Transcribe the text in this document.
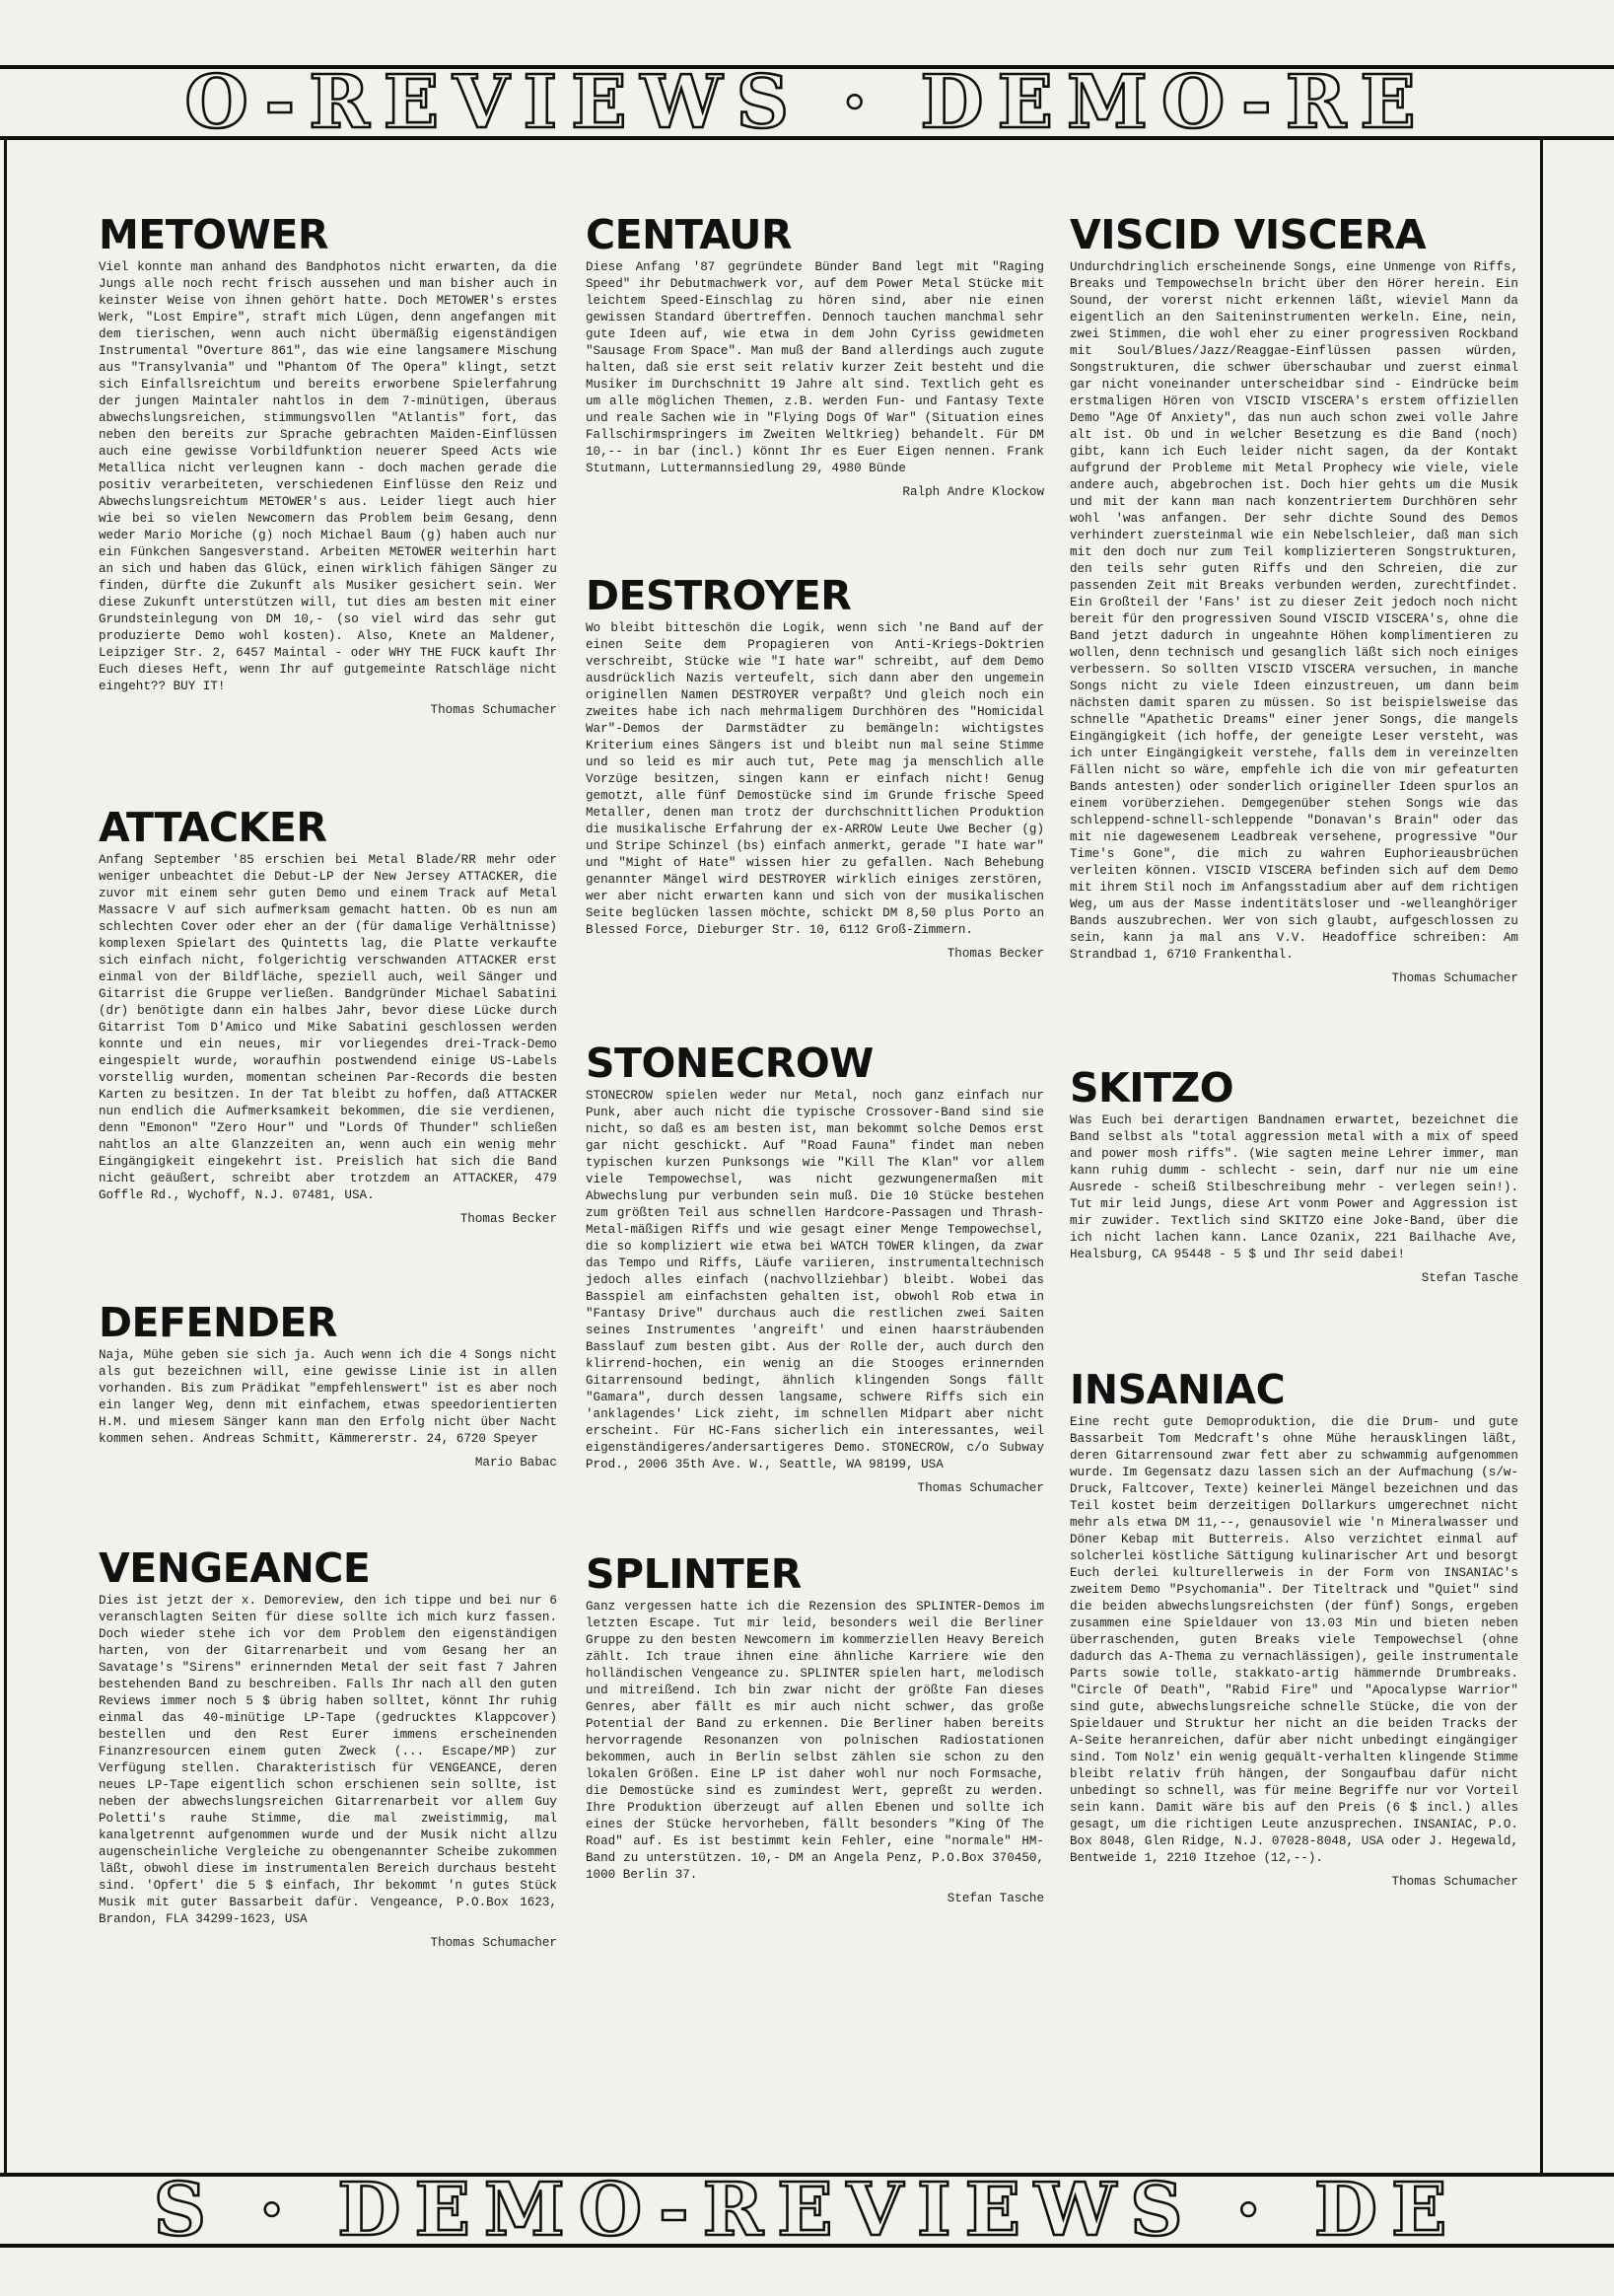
O-REVIEWS · DEMO-RE
METOWER

Viel konnte man anhand des Bandphotos nicht erwarten, da die Jungs alle noch recht frisch aussehen und man bisher auch in keinster Weise von ihnen gehört hatte. Doch METOWER's erstes Werk, "Lost Empire", straft mich Lügen, denn angefangen mit dem tierischen, wenn auch nicht übermäßig eigenständigen Instrumental "Overture 861", das wie eine langsamere Mischung aus "Transylvania" und "Phantom Of The Opera" klingt, setzt sich Einfallsreichtum und bereits erworbene Spielerfahrung der jungen Maintaler nahtlos in dem 7-minütigen, überaus abwechslungsreichen, stimmungsvollen "Atlantis" fort, das neben den bereits zur Sprache gebrachten Maiden-Einflüssen auch eine gewisse Vorbildfunktion neuerer Speed Acts wie Metallica nicht verleugnen kann - doch machen gerade die positiv verarbeiteten, verschiedenen Einflüsse den Reiz und Abwechslungsreichtum METOWER's aus. Leider liegt auch hier wie bei so vielen Newcomern das Problem beim Gesang, denn weder Mario Moriche (g) noch Michael Baum (g) haben auch nur ein Fünkchen Sangesverstand. Arbeiten METOWER weiterhin hart an sich und haben das Glück, einen wirklich fähigen Sänger zu finden, dürfte die Zukunft als Musiker gesichert sein. Wer diese Zukunft unterstützen will, tut dies am besten mit einer Grundsteinlegung von DM 10,- (so viel wird das sehr gut produzierte Demo wohl kosten). Also, Knete an Maldener, Leipziger Str. 2, 6457 Maintal - oder WHY THE FUCK kauft Ihr Euch dieses Heft, wenn Ihr auf gutgemeinte Ratschläge nicht eingeht?? BUY IT!

Thomas Schumacher
ATTACKER

Anfang September '85 erschien bei Metal Blade/RR mehr oder weniger unbeachtet die Debut-LP der New Jersey ATTACKER, die zuvor mit einem sehr guten Demo und einem Track auf Metal Massacre V auf sich aufmerksam gemacht hatten. Ob es nun am schlechten Cover oder eher an der (für damalige Verhältnisse) komplexen Spielart des Quintetts lag, die Platte verkaufte sich einfach nicht, folgerichtig verschwanden ATTACKER erst einmal von der Bildfläche, speziell auch, weil Sänger und Gitarrist die Gruppe verließen. Bandgründer Michael Sabatini (dr) benötigte dann ein halbes Jahr, bevor diese Lücke durch Gitarrist Tom D'Amico und Mike Sabatini geschlossen werden konnte und ein neues, mir vorliegendes drei-Track-Demo eingespielt wurde, woraufhin postwendend einige US-Labels vorstellig wurden, momentan scheinen Par-Records die besten Karten zu besitzen. In der Tat bleibt zu hoffen, daß ATTACKER nun endlich die Aufmerksamkeit bekommen, die sie verdienen, denn "Emonon" "Zero Hour" und "Lords Of Thunder" schließen nahtlos an alte Glanzzeiten an, wenn auch ein wenig mehr Eingängigkeit eingekehrt ist. Preislich hat sich die Band nicht geäußert, schreibt aber trotzdem an ATTACKER, 479 Goffle Rd., Wychoff, N.J. 07481, USA.

Thomas Becker
DEFENDER

Naja, Mühe geben sie sich ja. Auch wenn ich die 4 Songs nicht als gut bezeichnen will, eine gewisse Linie ist in allen vorhanden. Bis zum Prädikat "empfehlenswert" ist es aber noch ein langer Weg, denn mit einfachem, etwas speedorientierten H.M. und miesem Sänger kann man den Erfolg nicht über Nacht kommen sehen. Andreas Schmitt, Kämmererstr. 24, 6720 Speyer

Mario Babac
VENGEANCE

Dies ist jetzt der x. Demoreview, den ich tippe und bei nur 6 veranschlagten Seiten für diese sollte ich mich kurz fassen. Doch wieder stehe ich vor dem Problem den eigenständigen harten, von der Gitarrenarbeit und vom Gesang her an Savatage's "Sirens" erinnernden Metal der seit fast 7 Jahren bestehenden Band zu beschreiben. Falls Ihr nach all den guten Reviews immer noch 5 $ übrig haben solltet, könnt Ihr ruhig einmal das 40-minütige LP-Tape (gedrucktes Klappcover) bestellen und den Rest Eurer immens erscheinenden Finanzresourcen einem guten Zweck (... Escape/MP) zur Verfügung stellen. Charakteristisch für VENGEANCE, deren neues LP-Tape eigentlich schon erschienen sein sollte, ist neben der abwechslungsreichen Gitarrenarbeit vor allem Guy Poletti's rauhe Stimme, die mal zweistimmig, mal kanalgetrennt aufgenommen wurde und der Musik nicht allzu augenscheinliche Vergleiche zu obengenannter Scheibe zukommen läßt, obwohl diese im instrumentalen Bereich durchaus besteht sind. 'Opfert' die 5 $ einfach, Ihr bekommt 'n gutes Stück Musik mit guter Bassarbeit dafür. Vengeance, P.O.Box 1623, Brandon, FLA 34299-1623, USA

Thomas Schumacher
CENTAUR

Diese Anfang '87 gegründete Bünder Band legt mit "Raging Speed" ihr Debutmachwerk vor, auf dem Power Metal Stücke mit leichtem Speed-Einschlag zu hören sind, aber nie einen gewissen Standard übertreffen. Dennoch tauchen manchmal sehr gute Ideen auf, wie etwa in dem John Cyriss gewidmeten "Sausage From Space". Man muß der Band allerdings auch zugute halten, daß sie erst seit relativ kurzer Zeit besteht und die Musiker im Durchschnitt 19 Jahre alt sind. Textlich geht es um alle möglichen Themen, z.B. werden Fun- und Fantasy Texte und reale Sachen wie in "Flying Dogs Of War" (Situation eines Fallschirmspringers im Zweiten Weltkrieg) behandelt. Für DM 10,-- in bar (incl.) könnt Ihr es Euer Eigen nennen. Frank Stutmann, Luttermannsiedlung 29, 4980 Bünde

Ralph Andre Klockow
DESTROYER

Wo bleibt bitteschön die Logik, wenn sich 'ne Band auf der einen Seite dem Propagieren von Anti-Kriegs-Doktrien verschreibt, Stücke wie "I hate war" schreibt, auf dem Demo ausdrücklich Nazis verteufelt, sich dann aber den ungemein originellen Namen DESTROYER verpaßt? Und gleich noch ein zweites habe ich nach mehrmaligem Durchhören des "Homicidal War"-Demos der Darmstädter zu bemängeln: wichtigstes Kriterium eines Sängers ist und bleibt nun mal seine Stimme und so leid es mir auch tut, Pete mag ja menschlich alle Vorzüge besitzen, singen kann er einfach nicht! Genug gemotzt, alle fünf Demostücke sind im Grunde frische Speed Metaller, denen man trotz der durchschnittlichen Produktion die musikalische Erfahrung der ex-ARROW Leute Uwe Becher (g) und Stripe Schinzel (bs) einfach anmerkt, gerade "I hate war" und "Might of Hate" wissen hier zu gefallen. Nach Behebung genannter Mängel wird DESTROYER wirklich einiges zerstören, wer aber nicht erwarten kann und sich von der musikalischen Seite beglücken lassen möchte, schickt DM 8,50 plus Porto an Blessed Force, Dieburger Str. 10, 6112 Groß-Zimmern.

Thomas Becker
STONECROW

STONECROW spielen weder nur Metal, noch ganz einfach nur Punk, aber auch nicht die typische Crossover-Band sind sie nicht, so daß es am besten ist, man bekommt solche Demos erst gar nicht geschickt. Auf "Road Fauna" findet man neben typischen kurzen Punksongs wie "Kill The Klan" vor allem viele Tempowechsel, was nicht gezwungenermaßen mit Abwechslung pur verbunden sein muß. Die 10 Stücke bestehen zum größten Teil aus schnellen Hardcore-Passagen und Thrash-Metal-mäßigen Riffs und wie gesagt einer Menge Tempowechsel, die so kompliziert wie etwa bei WATCH TOWER klingen, da zwar das Tempo und Riffs, Läufe variieren, instrumentaltechnisch jedoch alles einfach (nachvollziehbar) bleibt. Wobei das Basspiel am einfachsten gehalten ist, obwohl Rob etwa in "Fantasy Drive" durchaus auch die restlichen zwei Saiten seines Instrumentes 'angreift' und einen haarsträubenden Basslauf zum besten gibt. Aus der Rolle der, auch durch den klirrend-hochen, ein wenig an die Stooges erinnernden Gitarrensound bedingt, ähnlich klingenden Songs fällt "Gamara", durch dessen langsame, schwere Riffs sich ein 'anklagendes' Lick zieht, im schnellen Midpart aber nicht erscheint. Für HC-Fans sicherlich ein interessantes, weil eigenständigeres/andersartigeres Demo. STONECROW, c/o Subway Prod., 2006 35th Ave. W., Seattle, WA 98199, USA

Thomas Schumacher
SPLINTER

Ganz vergessen hatte ich die Rezension des SPLINTER-Demos im letzten Escape. Tut mir leid, besonders weil die Berliner Gruppe zu den besten Newcomern im kommerziellen Heavy Bereich zählt. Ich traue ihnen eine ähnliche Karriere wie den holländischen Vengeance zu. SPLINTER spielen hart, melodisch und mitreißend. Ich bin zwar nicht der größte Fan dieses Genres, aber fällt es mir auch nicht schwer, das große Potential der Band zu erkennen. Die Berliner haben bereits hervorragende Resonanzen von polnischen Radiostationen bekommen, auch in Berlin selbst zählen sie schon zu den lokalen Größen. Eine LP ist daher wohl nur noch Formsache, die Demostücke sind es zumindest Wert, gepreßt zu werden. Ihre Produktion überzeugt auf allen Ebenen und sollte ich eines der Stücke hervorheben, fällt besonders "King Of The Road" auf. Es ist bestimmt kein Fehler, eine "normale" HM-Band zu unterstützen. 10,- DM an Angela Penz, P.O.Box 370450, 1000 Berlin 37.

Stefan Tasche
VISCID VISCERA

Undurchdringlich erscheinende Songs, eine Unmenge von Riffs, Breaks und Tempowechseln bricht über den Hörer herein. Ein Sound, der vorerst nicht erkennen läßt, wieviel Mann da eigentlich an den Saiteninstrumenten werkeln. Eine, nein, zwei Stimmen, die wohl eher zu einer progressiven Rockband mit Soul/Blues/Jazz/Reaggae-Einflüssen passen würden, Songstrukturen, die schwer überschaubar und zuerst einmal gar nicht voneinander unterscheidbar sind - Eindrücke beim erstmaligen Hören von VISCID VISCERA's erstem offiziellen Demo "Age Of Anxiety", das nun auch schon zwei volle Jahre alt ist. Ob und in welcher Besetzung es die Band (noch) gibt, kann ich Euch leider nicht sagen, da der Kontakt aufgrund der Probleme mit Metal Prophecy wie viele, viele andere auch, abgebrochen ist. Doch hier gehts um die Musik und mit der kann man nach konzentriertem Durchhören sehr wohl 'was anfangen. Der sehr dichte Sound des Demos verhindert zuersteinmal wie ein Nebelschleier, daß man sich mit den doch nur zum Teil komplizierteren Songstrukturen, den teils sehr guten Riffs und den Schreien, die zur passenden Zeit mit Breaks verbunden werden, zurechtfindet. Ein Großteil der 'Fans' ist zu dieser Zeit jedoch noch nicht bereit für den progressiven Sound VISCID VISCERA's, ohne die Band jetzt dadurch in ungeahnte Höhen komplimentieren zu wollen, denn technisch und gesanglich läßt sich noch einiges verbessern. So sollten VISCID VISCERA versuchen, in manche Songs nicht zu viele Ideen einzustreuen, um dann beim nächsten damit sparen zu müssen. So ist beispielsweise das schnelle "Apathetic Dreams" einer jener Songs, die mangels Eingängigkeit (ich hoffe, der geneigte Leser versteht, was ich unter Eingängigkeit verstehe, falls dem in vereinzelten Fällen nicht so wäre, empfehle ich die von mir gefeaturten Bands antesten) oder sonderlich origineller Ideen spurlos an einem vorüberziehen. Demgegenüber stehen Songs wie das schleppend-schnell-schleppende "Donavan's Brain" oder das mit nie dagewesenem Leadbreak versehene, progressive "Our Time's Gone", die mich zu wahren Euphorieausbrüchen verleiten können. VISCID VISCERA befinden sich auf dem Demo mit ihrem Stil noch im Anfangsstadium aber auf dem richtigen Weg, um aus der Masse indentitätsloser und -welleanghöriger Bands auszubrechen. Wer von sich glaubt, aufgeschlossen zu sein, kann ja mal ans V.V. Headoffice schreiben: Am Strandbad 1, 6710 Frankenthal.

Thomas Schumacher
SKITZO

Was Euch bei derartigen Bandnamen erwartet, bezeichnet die Band selbst als "total aggression metal with a mix of speed and power mosh riffs". (Wie sagten meine Lehrer immer, man kann ruhig dumm - schlecht - sein, darf nur nie um eine Ausrede - scheiß Stilbeschreibung mehr - verlegen sein!). Tut mir leid Jungs, diese Art vonm Power and Aggression ist mir zuwider. Textlich sind SKITZO eine Joke-Band, über die ich nicht lachen kann. Lance Ozanix, 221 Bailhache Ave, Healsburg, CA 95448 - 5 $ und Ihr seid dabei!

Stefan Tasche
INSANIAC

Eine recht gute Demoproduktion, die die Drum- und gute Bassarbeit Tom Medcraft's ohne Mühe herausklingen läßt, deren Gitarrensound zwar fett aber zu schwammig aufgenommen wurde. Im Gegensatz dazu lassen sich an der Aufmachung (s/w-Druck, Faltcover, Texte) keinerlei Mängel bezeichnen und das Teil kostet beim derzeitigen Dollarkurs umgerechnet nicht mehr als etwa DM 11,--, genausoviel wie 'n Mineralwasser und Döner Kebap mit Butterreis. Also verzichtet einmal auf solcherlei köstliche Sättigung kulinarischer Art und besorgt Euch derlei kulturellerweis in der Form von INSANIAC's zweitem Demo "Psychomania". Der Titeltrack und "Quiet" sind die beiden abwechslungsreichsten (der fünf) Songs, ergeben zusammen eine Spieldauer von 13.03 Min und bieten neben überraschenden, guten Breaks viele Tempowechsel (ohne dadurch das A-Thema zu vernachlässigen), geile instrumentale Parts sowie tolle, stakkato-artig hämmernde Drumbreaks. "Circle Of Death", "Rabid Fire" und "Apocalypse Warrior" sind gute, abwechslungsreiche schnelle Stücke, die von der Spieldauer und Struktur her nicht an die beiden Tracks der A-Seite heranreichen, dafür aber nicht unbedingt eingängiger sind. Tom Nolz' ein wenig gequält-verhalten klingende Stimme bleibt relativ früh hängen, der Songaufbau dafür nicht unbedingt so schnell, was für meine Begriffe nur vor Vorteil sein kann. Damit wäre bis auf den Preis (6 $ incl.) alles gesagt, um die richtigen Leute anzusprechen. INSANIAC, P.O. Box 8048, Glen Ridge, N.J. 07028-8048, USA oder J. Hegewald, Bentweide 1, 2210 Itzehoe (12,--).

Thomas Schumacher
S · DEMO-REVIEWS · DE
